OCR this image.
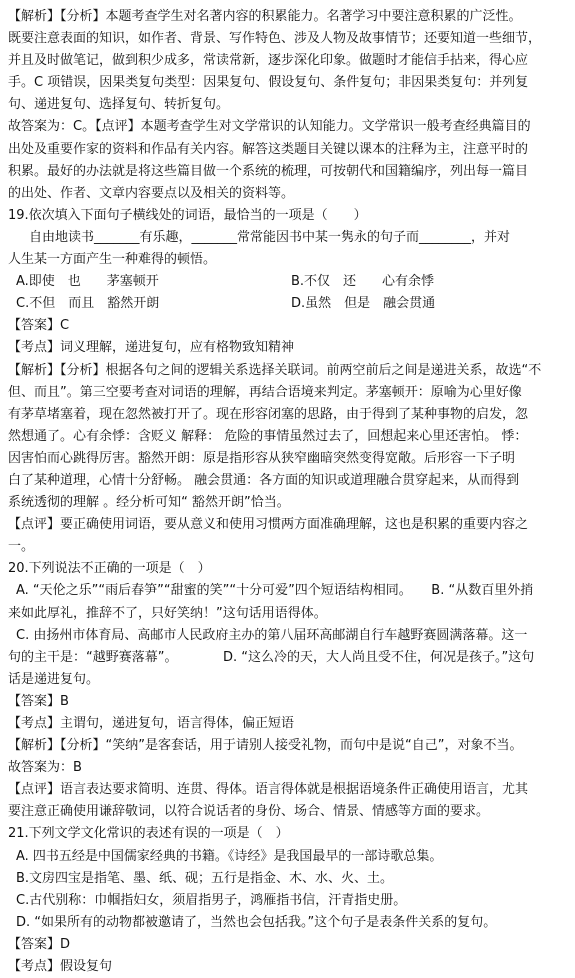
【解析】【分析】本题考查学生对名著内容的积累能力。名著学习中要注意积累的广泛性。

既要注意表面的知识，如作者、背景、写作特色、涉及人物及故事情节；还要知道一些细节，

并且及时做笔记，做到积少成多，常读常新，逐步深化印象。做题时才能信手拈来，得心应

手。C 项错误，因果类复句类型：因果复句、假设复句、条件复句；非因果类复句：并列复

句、递进复句、选择复句、转折复句。

故答案为：C。【点评】本题考查学生对文学常识的认知能力。文学常识一般考查经典篇目的

出处及重要作家的资料和作品有关内容。解答这类题目关键以课本的注释为主，注意平时的

积累。最好的办法就是将这些篇目做一个系统的梳理，可按朝代和国籍编序，列出每一篇目

的出处、作者、文章内容要点以及相关的资料等。

19.依次填入下面句子横线处的词语，最恰当的一项是（　　）

　自由地读书_______有乐趣，_______常常能因书中某一隽永的句子而________，并对

人生某一方面产生一种难得的顿悟。

A.即使　也　　茅塞顿开	B.不仅　还　　心有余悸
C.不但　而且　豁然开朗	D.虽然　但是　融会贯通

【答案】C

【考点】词义理解，递进复句，应有格物致知精神

【解析】【分析】根据各句之间的逻辑关系选择关联词。前两空前后之间是递进关系，故选“不

但、而且”。第三空要考查对词语的理解，再结合语境来判定。茅塞顿开：原喻为心里好像

有茅草堵塞着，现在忽然被打开了。现在形容闭塞的思路，由于得到了某种事物的启发，忽

然想通了。心有余悸：含贬义 解释： 危险的事情虽然过去了，回想起来心里还害怕。 悸：

因害怕而心跳得厉害。豁然开朗：原是指形容从狭窄幽暗突然变得宽敞。后形容一下子明

白了某种道理，心情十分舒畅。 融会贯通：各方面的知识或道理融合贯穿起来，从而得到

系统透彻的理解 。经分析可知“ 豁然开朗”恰当。

【点评】要正确使用词语，要从意义和使用习惯两方面准确理解，这也是积累的重要内容之

一。

20.下列说法不正确的一项是（　）

A. “天伦之乐”“雨后春笋”“甜蜜的笑”“十分可爱”四个短语结构相同。　　B. “从数百里外捎

来如此厚礼，推辞不了，只好笑纳！”这句话用语得体。

C. 由扬州市体育局、高邮市人民政府主办的第八届环高邮湖自行车越野赛圆满落幕。这一

句的主干是：“越野赛落幕”。　　　　D. “这么冷的天，大人尚且受不住，何况是孩子。”这句

话是递进复句。

【答案】B

【考点】主谓句，递进复句，语言得体，偏正短语

【解析】【分析】“笑纳”是客套话，用于请别人接受礼物，而句中是说“自己”，对象不当。

故答案为：B

【点评】语言表达要求简明、连贯、得体。语言得体就是根据语境条件正确使用语言，尤其

要注意正确使用谦辞敬词，以符合说话者的身份、场合、情景、情感等方面的要求。

21.下列文学文化常识的表述有误的一项是（　）

A. 四书五经是中国儒家经典的书籍。《诗经》是我国最早的一部诗歌总集。

B.文房四宝是指笔、墨、纸、砚；五行是指金、木、水、火、土。

C.古代别称：巾帼指妇女，须眉指男子，鸿雁指书信，汗青指史册。

D. “如果所有的动物都被邀请了，当然也会包括我。”这个句子是表条件关系的复句。

【答案】D

【考点】假设复句
